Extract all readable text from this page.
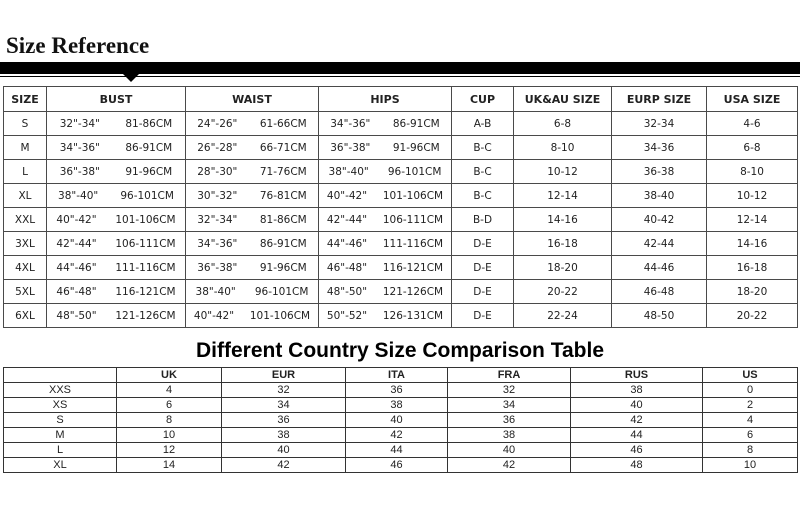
Size Reference
SIZE	BUST	WAIST	HIPS	CUP	UK&AU SIZE	EURP SIZE	USA SIZE
S	32"-34" 81-86CM	24"-26" 61-66CM	34"-36" 86-91CM	A-B	6-8	32-34	4-6
M	34"-36" 86-91CM	26"-28" 66-71CM	36"-38" 91-96CM	B-C	8-10	34-36	6-8
L	36"-38" 91-96CM	28"-30" 71-76CM	38"-40" 96-101CM	B-C	10-12	36-38	8-10
XL	38"-40" 96-101CM	30"-32" 76-81CM	40"-42" 101-106CM	B-C	12-14	38-40	10-12
XXL	40"-42" 101-106CM	32"-34" 81-86CM	42"-44" 106-111CM	B-D	14-16	40-42	12-14
3XL	42"-44" 106-111CM	34"-36" 86-91CM	44"-46" 111-116CM	D-E	16-18	42-44	14-16
4XL	44"-46" 111-116CM	36"-38" 91-96CM	46"-48" 116-121CM	D-E	18-20	44-46	16-18
5XL	46"-48" 116-121CM	38"-40" 96-101CM	48"-50" 121-126CM	D-E	20-22	46-48	18-20
6XL	48"-50" 121-126CM	40"-42" 101-106CM	50"-52" 126-131CM	D-E	22-24	48-50	20-22
Different Country Size Comparison Table
	UK	EUR	ITA	FRA	RUS	US
XXS	4	32	36	32	38	0
XS	6	34	38	34	40	2
S	8	36	40	36	42	4
M	10	38	42	38	44	6
L	12	40	44	40	46	8
XL	14	42	46	42	48	10
